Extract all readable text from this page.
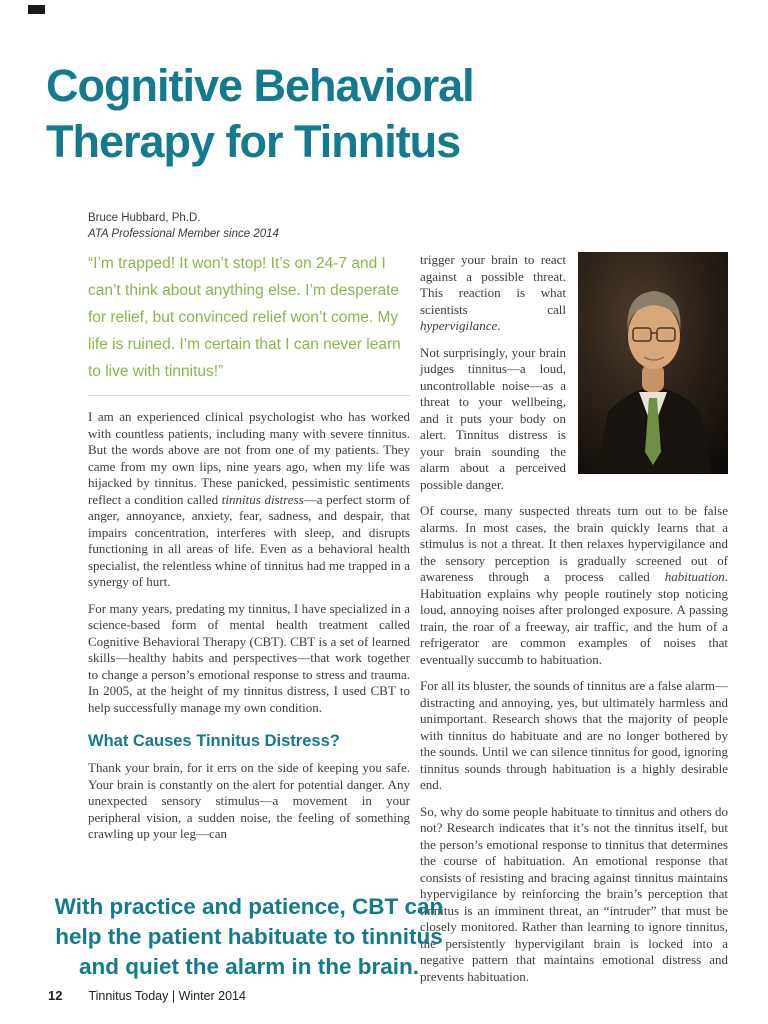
Cognitive Behavioral
Therapy for Tinnitus
Bruce Hubbard, Ph.D.
ATA Professional Member since 2014
“I’m trapped! It won’t stop! It’s on 24-7 and I can’t think about anything else. I’m desperate for relief, but convinced relief won’t come. My life is ruined. I’m certain that I can never learn to live with tinnitus!”

I am an experienced clinical psychologist who has worked with countless patients, including many with severe tinnitus. But the words above are not from one of my patients. They came from my own lips, nine years ago, when my life was hijacked by tinnitus. These panicked, pessimistic sentiments reflect a condition called tinnitus distress—a perfect storm of anger, annoyance, anxiety, fear, sadness, and despair, that impairs concentration, interferes with sleep, and disrupts functioning in all areas of life. Even as a behavioral health specialist, the relentless whine of tinnitus had me trapped in a synergy of hurt.

For many years, predating my tinnitus, I have specialized in a science-based form of mental health treatment called Cognitive Behavioral Therapy (CBT). CBT is a set of learned skills—healthy habits and perspectives—that work together to change a person’s emotional response to stress and trauma. In 2005, at the height of my tinnitus distress, I used CBT to help successfully manage my own condition.

What Causes Tinnitus Distress?

Thank your brain, for it errs on the side of keeping you safe. Your brain is constantly on the alert for potential danger. Any unexpected sensory stimulus—a movement in your peripheral vision, a sudden noise, the feeling of something crawling up your leg—can

trigger your brain to react against a possible threat. This reaction is what scientists call hypervigilance.

Not surprisingly, your brain judges tinnitus—a loud, uncontrollable noise—as a threat to your wellbeing, and it puts your body on alert. Tinnitus distress is your brain sounding the alarm about a perceived possible danger.

Of course, many suspected threats turn out to be false alarms. In most cases, the brain quickly learns that a stimulus is not a threat. It then relaxes hypervigilance and the sensory perception is gradually screened out of awareness through a process called habituation. Habituation explains why people routinely stop noticing loud, annoying noises after prolonged exposure. A passing train, the roar of a freeway, air traffic, and the hum of a refrigerator are common examples of noises that eventually succumb to habituation.

For all its bluster, the sounds of tinnitus are a false alarm—distracting and annoying, yes, but ultimately harmless and unimportant. Research shows that the majority of people with tinnitus do habituate and are no longer bothered by the sounds. Until we can silence tinnitus for good, ignoring tinnitus sounds through habituation is a highly desirable end.

So, why do some people habituate to tinnitus and others do not? Research indicates that it’s not the tinnitus itself, but the person’s emotional response to tinnitus that determines the course of habituation. An emotional response that consists of resisting and bracing against tinnitus maintains hypervigilance by reinforcing the brain’s perception that tinnitus is an imminent threat, an “intruder” that must be closely monitored. Rather than learning to ignore tinnitus, the persistently hypervigilant brain is locked into a negative pattern that maintains emotional distress and prevents habituation.

With practice and patience, CBT can help the patient habituate to tinnitus and quiet the alarm in the brain.
12 Tinnitus Today | Winter 2014
